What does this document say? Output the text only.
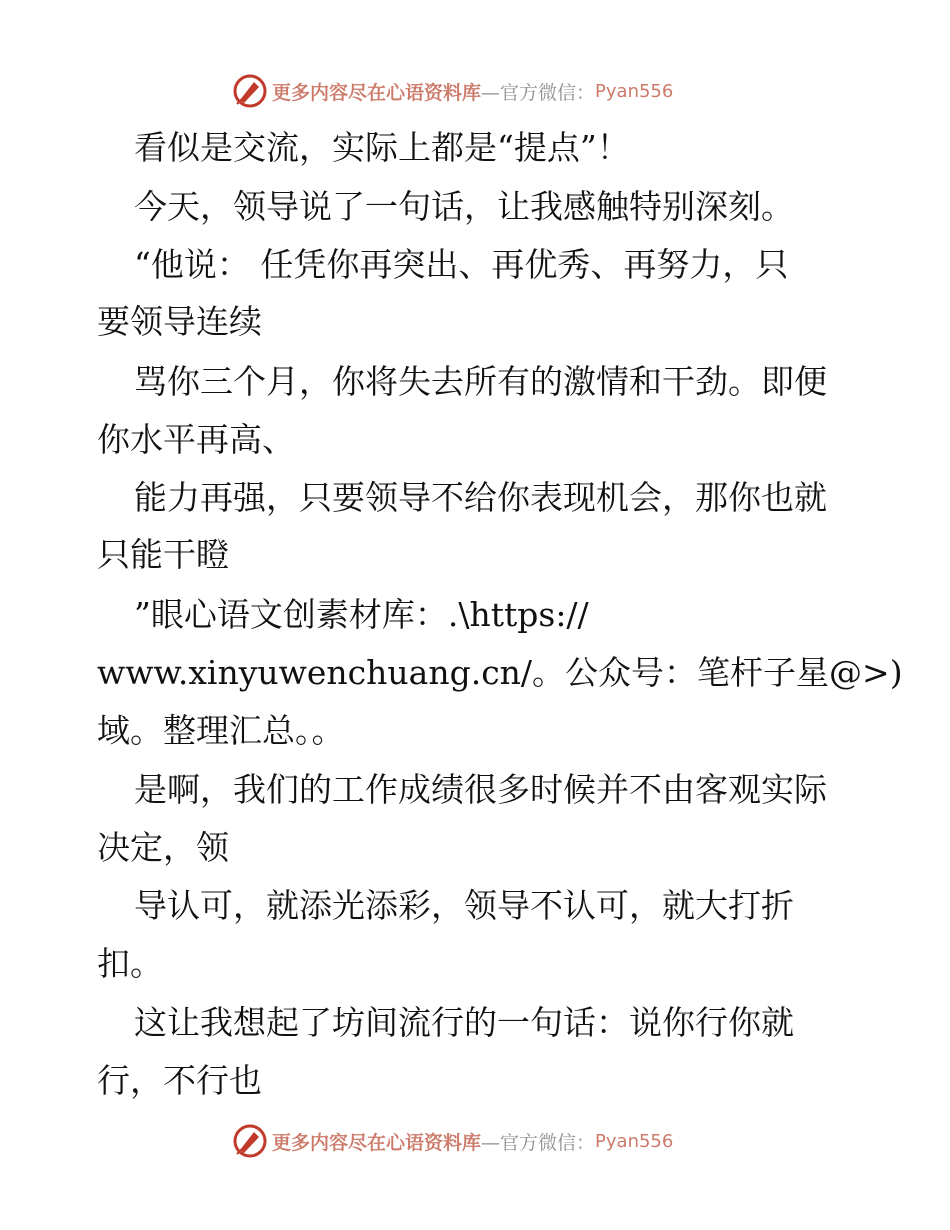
更多内容尽在心语资料库 —官方微信： Pyan556
看似是交流，实际上都是“提点”！
今天，领导说了一句话，让我感触特别深刻。
“他说： 任凭你再突出、再优秀、再努力，只
要领导连续
骂你三个月，你将失去所有的激情和干劲。即便
你水平再高、
能力再强，只要领导不给你表现机会，那你也就
只能干瞪
”眼心语文创素材库：.\https://
www.xinyuwenchuang.cn/。公众号：笔杆子星@>)
域。整理汇总。。
是啊，我们的工作成绩很多时候并不由客观实际
决定，领
导认可，就添光添彩，领导不认可，就大打折
扣。
这让我想起了坊间流行的一句话：说你行你就
行，不行也
更多内容尽在心语资料库 —官方微信： Pyan556
